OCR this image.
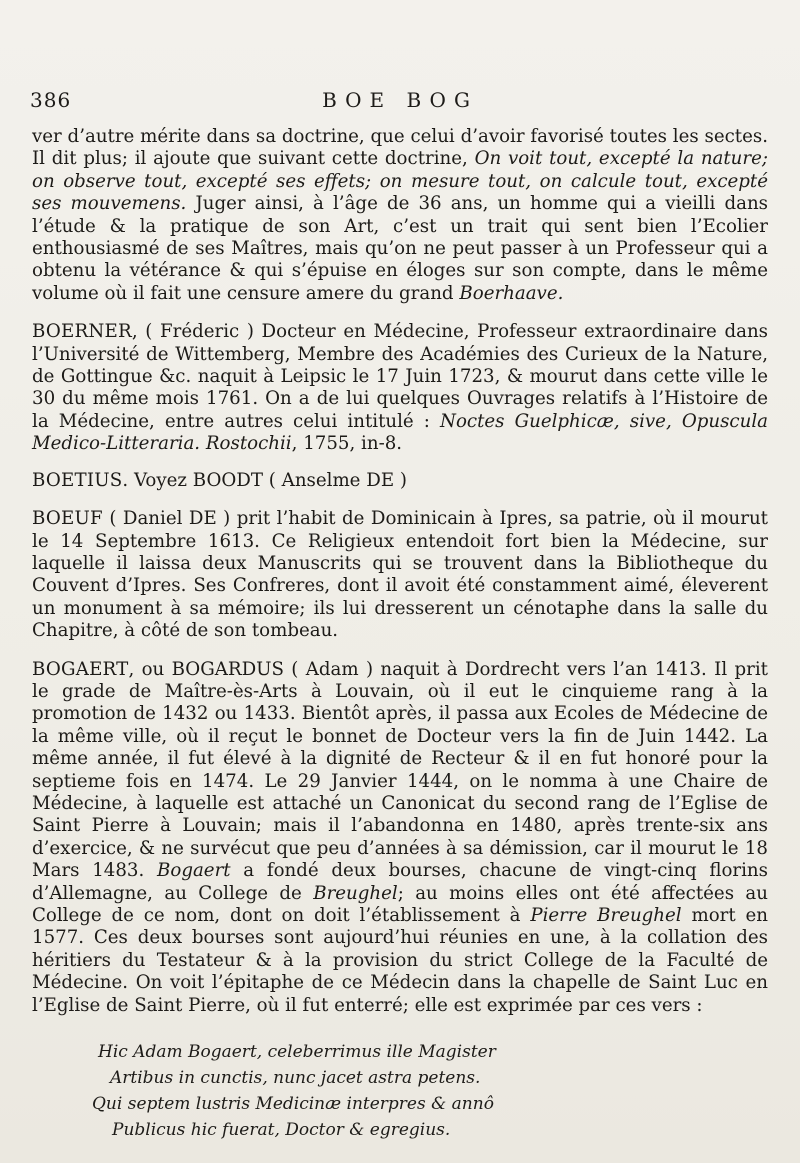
386	BOE BOG

ver d’autre mérite dans sa doctrine, que celui d’avoir favorisé toutes les sectes. Il dit plus; il ajoute que suivant cette doctrine, On voit tout, excepté la nature; on observe tout, excepté ses effets; on mesure tout, on calcule tout, excepté ses mouvemens. Juger ainsi, à l’âge de 36 ans, un homme qui a vieilli dans l’étude & la pratique de son Art, c’est un trait qui sent bien l’Ecolier enthousiasmé de ses Maîtres, mais qu’on ne peut passer à un Professeur qui a obtenu la vétérance & qui s’épuise en éloges sur son compte, dans le même volume où il fait une censure amere du grand Boerhaave.

BOERNER, ( Fréderic ) Docteur en Médecine, Professeur extraordinaire dans l’Université de Wittemberg, Membre des Académies des Curieux de la Nature, de Gottingue &c. naquit à Leipsic le 17 Juin 1723, & mourut dans cette ville le 30 du même mois 1761. On a de lui quelques Ouvrages relatifs à l’Histoire de la Médecine, entre autres celui intitulé : Noctes Guelphicæ, sive, Opuscula Medico-Litteraria. Rostochii, 1755, in-8.

BOETIUS. Voyez BOODT ( Anselme DE )

BOEUF ( Daniel DE ) prit l’habit de Dominicain à Ipres, sa patrie, où il mourut le 14 Septembre 1613. Ce Religieux entendoit fort bien la Médecine, sur laquelle il laissa deux Manuscrits qui se trouvent dans la Bibliotheque du Couvent d’Ipres. Ses Confreres, dont il avoit été constamment aimé, éleverent un monument à sa mémoire; ils lui dresserent un cénotaphe dans la salle du Chapitre, à côté de son tombeau.

BOGAERT, ou BOGARDUS ( Adam ) naquit à Dordrecht vers l’an 1413. Il prit le grade de Maître-ès-Arts à Louvain, où il eut le cinquieme rang à la promotion de 1432 ou 1433. Bientôt après, il passa aux Ecoles de Médecine de la même ville, où il reçut le bonnet de Docteur vers la fin de Juin 1442. La même année, il fut élevé à la dignité de Recteur & il en fut honoré pour la septieme fois en 1474. Le 29 Janvier 1444, on le nomma à une Chaire de Médecine, à laquelle est attaché un Canonicat du second rang de l’Eglise de Saint Pierre à Louvain; mais il l’abandonna en 1480, après trente-six ans d’exercice, & ne survécut que peu d’années à sa démission, car il mourut le 18 Mars 1483. Bogaert a fondé deux bourses, chacune de vingt-cinq florins d’Allemagne, au College de Breughel; au moins elles ont été affectées au College de ce nom, dont on doit l’établissement à Pierre Breughel mort en 1577. Ces deux bourses sont aujourd’hui réunies en une, à la collation des héritiers du Testateur & à la provision du strict College de la Faculté de Médecine. On voit l’épitaphe de ce Médecin dans la chapelle de Saint Luc en l’Eglise de Saint Pierre, où il fut enterré; elle est exprimée par ces vers :

Hic Adam Bogaert, celeberrimus ille Magister
Artibus in cunctis, nunc jacet astra petens.
Qui septem lustris Medicinæ interpres & annô
Publicus hic fuerat, Doctor & egregius.
